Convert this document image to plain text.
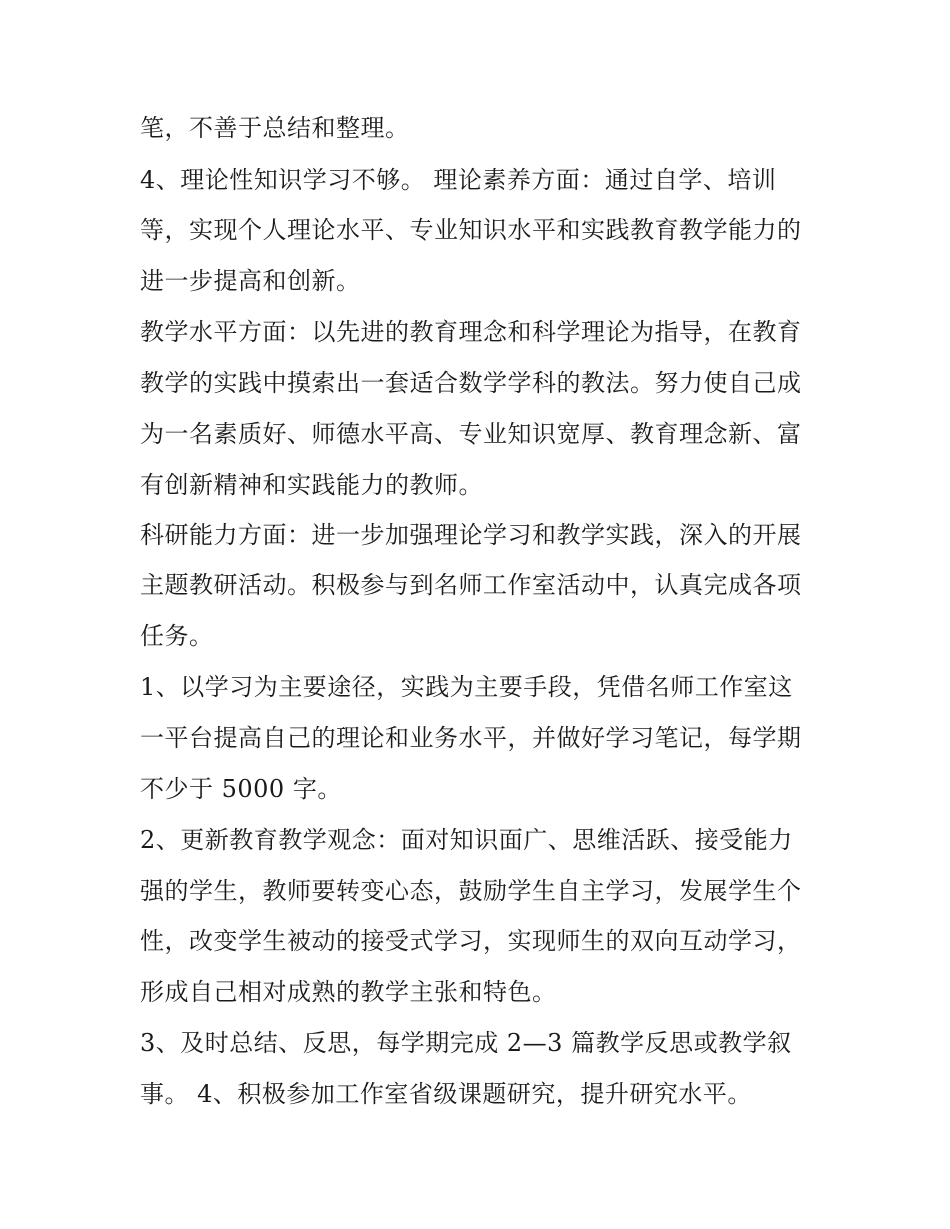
笔，不善于总结和整理。
4、理论性知识学习不够。 理论素养方面：通过自学、培训
等，实现个人理论水平、专业知识水平和实践教育教学能力的
进一步提高和创新。
教学水平方面：以先进的教育理念和科学理论为指导，在教育
教学的实践中摸索出一套适合数学学科的教法。努力使自己成
为一名素质好、师德水平高、专业知识宽厚、教育理念新、富
有创新精神和实践能力的教师。
科研能力方面：进一步加强理论学习和教学实践，深入的开展
主题教研活动。积极参与到名师工作室活动中，认真完成各项
任务。
1、以学习为主要途径，实践为主要手段，凭借名师工作室这
一平台提高自己的理论和业务水平，并做好学习笔记，每学期
不少于 5000 字。
2、更新教育教学观念：面对知识面广、思维活跃、接受能力
强的学生，教师要转变心态，鼓励学生自主学习，发展学生个
性，改变学生被动的接受式学习，实现师生的双向互动学习，
形成自己相对成熟的教学主张和特色。
3、及时总结、反思，每学期完成 2—3 篇教学反思或教学叙
事。 4、积极参加工作室省级课题研究，提升研究水平。
